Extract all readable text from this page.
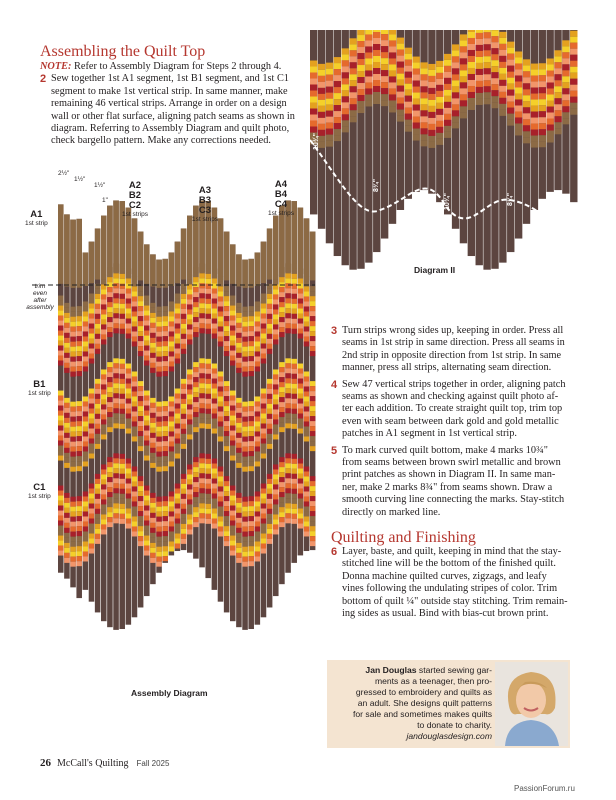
Assembling the Quilt Top
NOTE: Refer to Assembly Diagram for Steps 2 through 4.
2 Sew together 1st A1 segment, 1st B1 segment, and 1st C1
segment to make 1st vertical strip. In same manner, make
remaining 46 vertical strips. Arrange in order on a design
wall or other flat surface, aligning patch seams as shown in
diagram. Referring to Assembly Diagram and quilt photo,
check bargello pattern. Make any corrections needed.
2½"
1½"
1½"
1"
A1
1st strip
trim
even
after
assembly
B1
1st strip
C1
1st strip
A2
B2
C2
1st strips
A3
B3
C3
1st strips
A4
B4
C4
1st strips
Assembly Diagram
10¾"
8¾"
10¾"	8¾"
10¾"
Diagram II
3 Turn strips wrong sides up, keeping in order. Press all
seams in 1st strip in same direction. Press all seams in
2nd strip in opposite direction from 1st strip. In same
manner, press all strips, alternating seam direction.
4 Sew 47 vertical strips together in order, aligning patch
seams as shown and checking against quilt photo af-
ter each addition. To create straight quilt top, trim top
even with seam between dark gold and gold metallic
patches in A1 segment in 1st vertical strip.
5 To mark curved quilt bottom, make 4 marks 10¾"
from seams between brown swirl metallic and brown
print patches as shown in Diagram II. In same man-
ner, make 2 marks 8¾" from seams shown. Draw a
smooth curving line connecting the marks. Stay-stitch
directly on marked line.
Quilting and Finishing
6 Layer, baste, and quilt, keeping in mind that the stay-
stitched line will be the bottom of the finished quilt.
Donna machine quilted curves, zigzags, and leafy
vines following the undulating stripes of color. Trim
bottom of quilt ¼" outside stay stitching. Trim remain-
ing sides as usual. Bind with bias-cut brown print.
Jan Douglas started sewing gar-
ments as a teenager, then pro-
gressed to embroidery and quilts as
an adult. She designs quilt patterns
for sale and sometimes makes quilts
to donate to charity.
jandouglasdesign.com
26 McCall's Quilting Fall 2025
PassionForum.ru
